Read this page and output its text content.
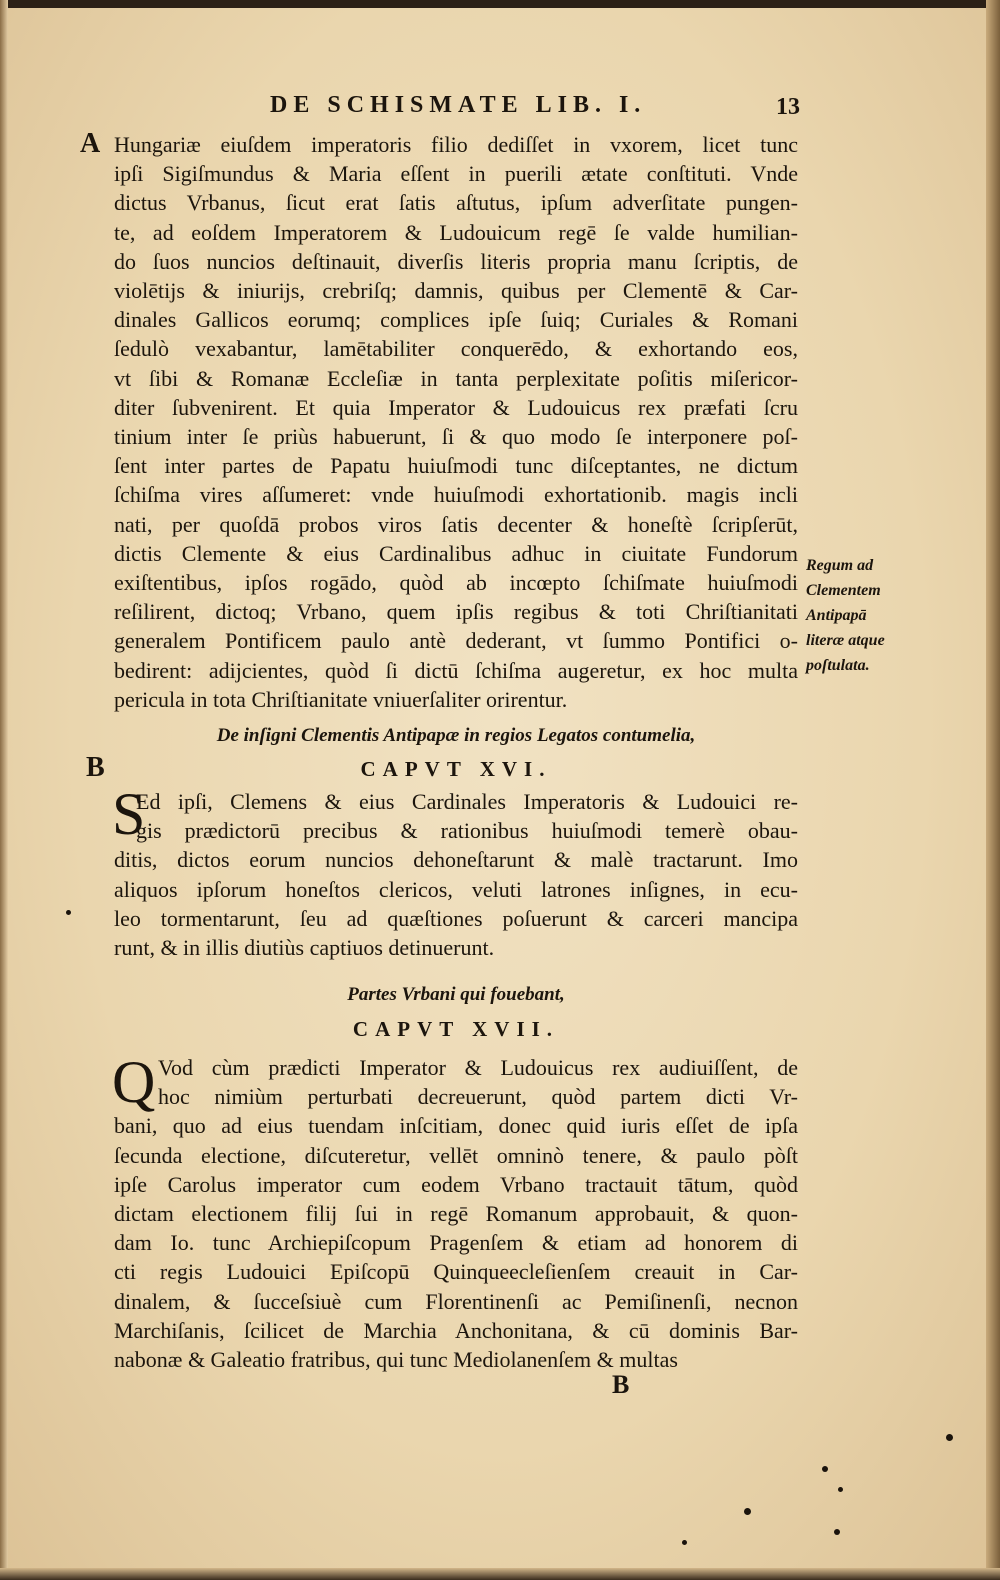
DE SCHISMATE LIB. I.	13
A
B
Hungariæ eiuſdem imperatoris filio dediſſet in vxorem, licet tunc
ipſi Sigiſmundus & Maria eſſent in puerili ætate conſtituti. Vnde
dictus Vrbanus, ſicut erat ſatis aſtutus, ipſum adverſitate pungen-
te, ad eoſdem Imperatorem & Ludouicum regē ſe valde humilian-
do ſuos nuncios deſtinauit, diverſis literis propria manu ſcriptis, de
violētijs & iniurijs, crebriſq; damnis, quibus per Clementē & Car-
dinales Gallicos eorumq; complices ipſe ſuiq; Curiales & Romani
ſedulò vexabantur, lamētabiliter conquerēdo, & exhortando eos,
vt ſibi & Romanæ Eccleſiæ in tanta perplexitate poſitis miſericor-
diter ſubvenirent. Et quia Imperator & Ludouicus rex præfati ſcru
tinium inter ſe priùs habuerunt, ſi & quo modo ſe interponere poſ-
ſent inter partes de Papatu huiuſmodi tunc diſceptantes, ne dictum
ſchiſma vires aſſumeret: vnde huiuſmodi exhortationib. magis incli
nati, per quoſdā probos viros ſatis decenter & honeſtè ſcripſerūt,
dictis Clemente & eius Cardinalibus adhuc in ciuitate Fundorum
exiſtentibus, ipſos rogādo, quòd ab incœpto ſchiſmate huiuſmodi
reſilirent, dictoq; Vrbano, quem ipſis regibus & toti Chriſtianitati
generalem Pontificem paulo antè dederant, vt ſummo Pontifici o-
bedirent: adijcientes, quòd ſi dictū ſchiſma augeretur, ex hoc multa
pericula in tota Chriſtianitate vniuerſaliter orirentur.
Regum ad
Clementem
Antipapā
literæ atque
poſtulata.
De inſigni Clementis Antipapæ in regios Legatos contumelia,
CAPVT XVI.
S
Ed ipſi, Clemens & eius Cardinales Imperatoris & Ludouici re-
gis prædictorū precibus & rationibus huiuſmodi temerè obau-
ditis, dictos eorum nuncios dehoneſtarunt & malè tractarunt. Imo
aliquos ipſorum honeſtos clericos, veluti latrones inſignes, in ecu-
leo tormentarunt, ſeu ad quæſtiones poſuerunt & carceri mancipa
runt, & in illis diutiùs captiuos detinuerunt.
Partes Vrbani qui fouebant,
CAPVT XVII.
Q Vod cùm prædicti Imperator & Ludouicus rex audiuiſſent, de
hoc nimiùm perturbati decreuerunt, quòd partem dicti Vr-
bani, quo ad eius tuendam inſcitiam, donec quid iuris eſſet de ipſa
ſecunda electione, diſcuteretur, vellēt omninò tenere, & paulo pòſt
ipſe Carolus imperator cum eodem Vrbano tractauit tātum, quòd
dictam electionem filij ſui in regē Romanum approbauit, & quon-
dam Io. tunc Archiepiſcopum Pragenſem & etiam ad honorem di
cti regis Ludouici Epiſcopū Quinqueecleſienſem creauit in Car-
dinalem, & ſucceſsiuè cum Florentinenſi ac Pemiſinenſi, necnon
Marchiſanis, ſcilicet de Marchia Anchonitana, & cū dominis Bar-
nabonæ & Galeatio fratribus, qui tunc Mediolanenſem & multas
B
